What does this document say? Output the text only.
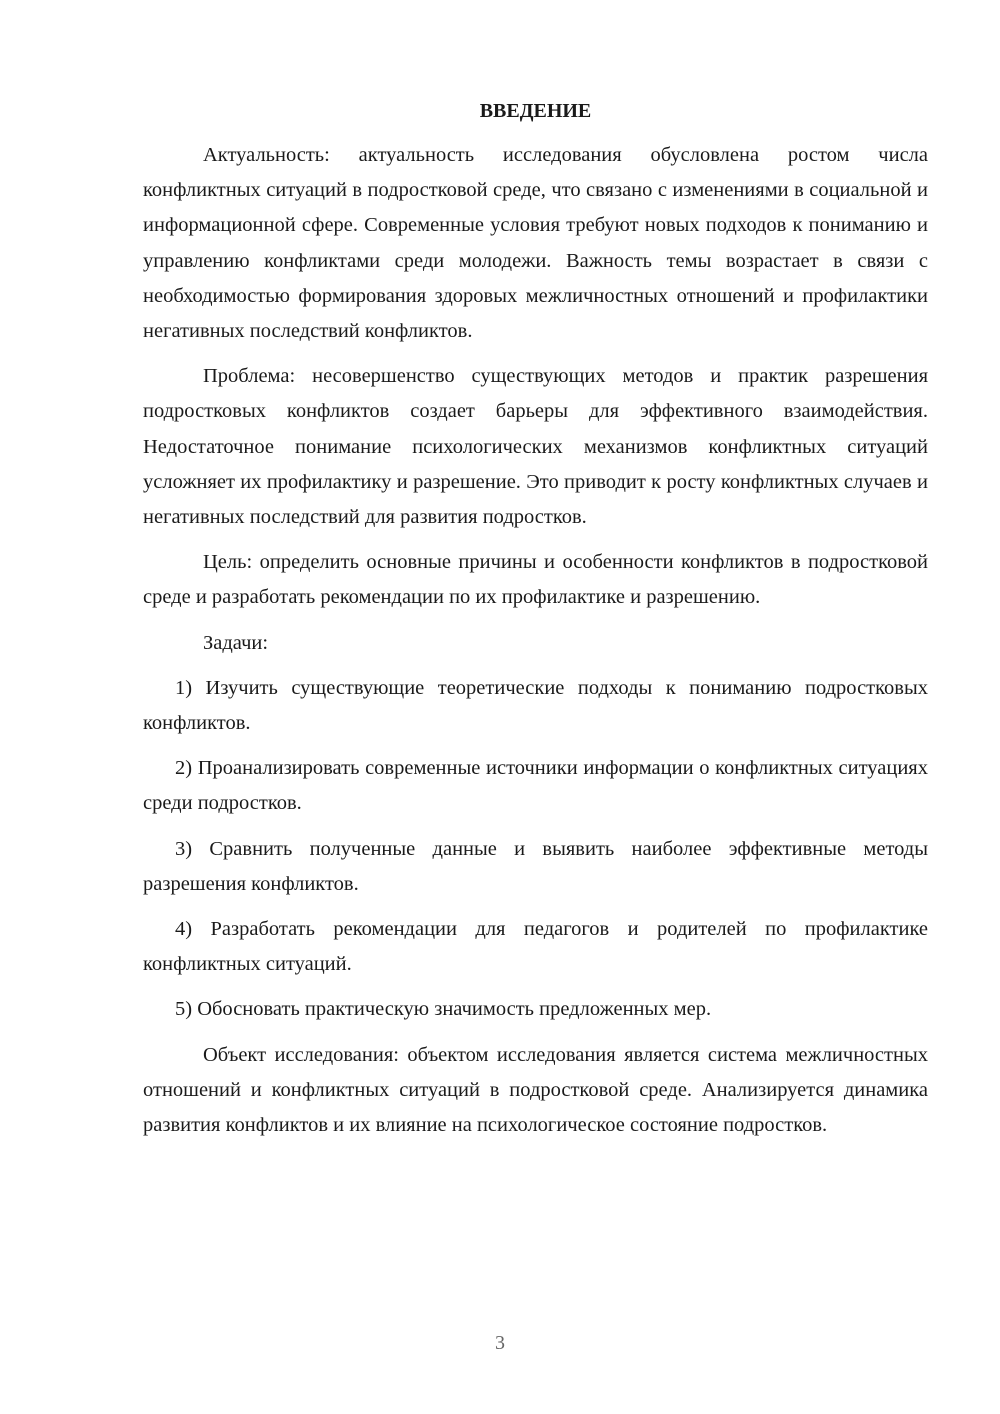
ВВЕДЕНИЕ

Актуальность: актуальность исследования обусловлена ростом числа конфликтных ситуаций в подростковой среде, что связано с изменениями в социальной и информационной сфере. Современные условия требуют новых подходов к пониманию и управлению конфликтами среди молодежи. Важность темы возрастает в связи с необходимостью формирования здоровых межличностных отношений и профилактики негативных последствий конфликтов.

Проблема: несовершенство существующих методов и практик разрешения подростковых конфликтов создает барьеры для эффективного взаимодействия. Недостаточное понимание психологических механизмов конфликтных ситуаций усложняет их профилактику и разрешение. Это приводит к росту конфликтных случаев и негативных последствий для развития подростков.

Цель: определить основные причины и особенности конфликтов в подростковой среде и разработать рекомендации по их профилактике и разрешению.

Задачи:

1) Изучить существующие теоретические подходы к пониманию подростковых конфликтов.

2) Проанализировать современные источники информации о конфликтных ситуациях среди подростков.

3) Сравнить полученные данные и выявить наиболее эффективные методы разрешения конфликтов.

4) Разработать рекомендации для педагогов и родителей по профилактике конфликтных ситуаций.

5) Обосновать практическую значимость предложенных мер.

Объект исследования: объектом исследования является система межличностных отношений и конфликтных ситуаций в подростковой среде. Анализируется динамика развития конфликтов и их влияние на психологическое состояние подростков.

3
